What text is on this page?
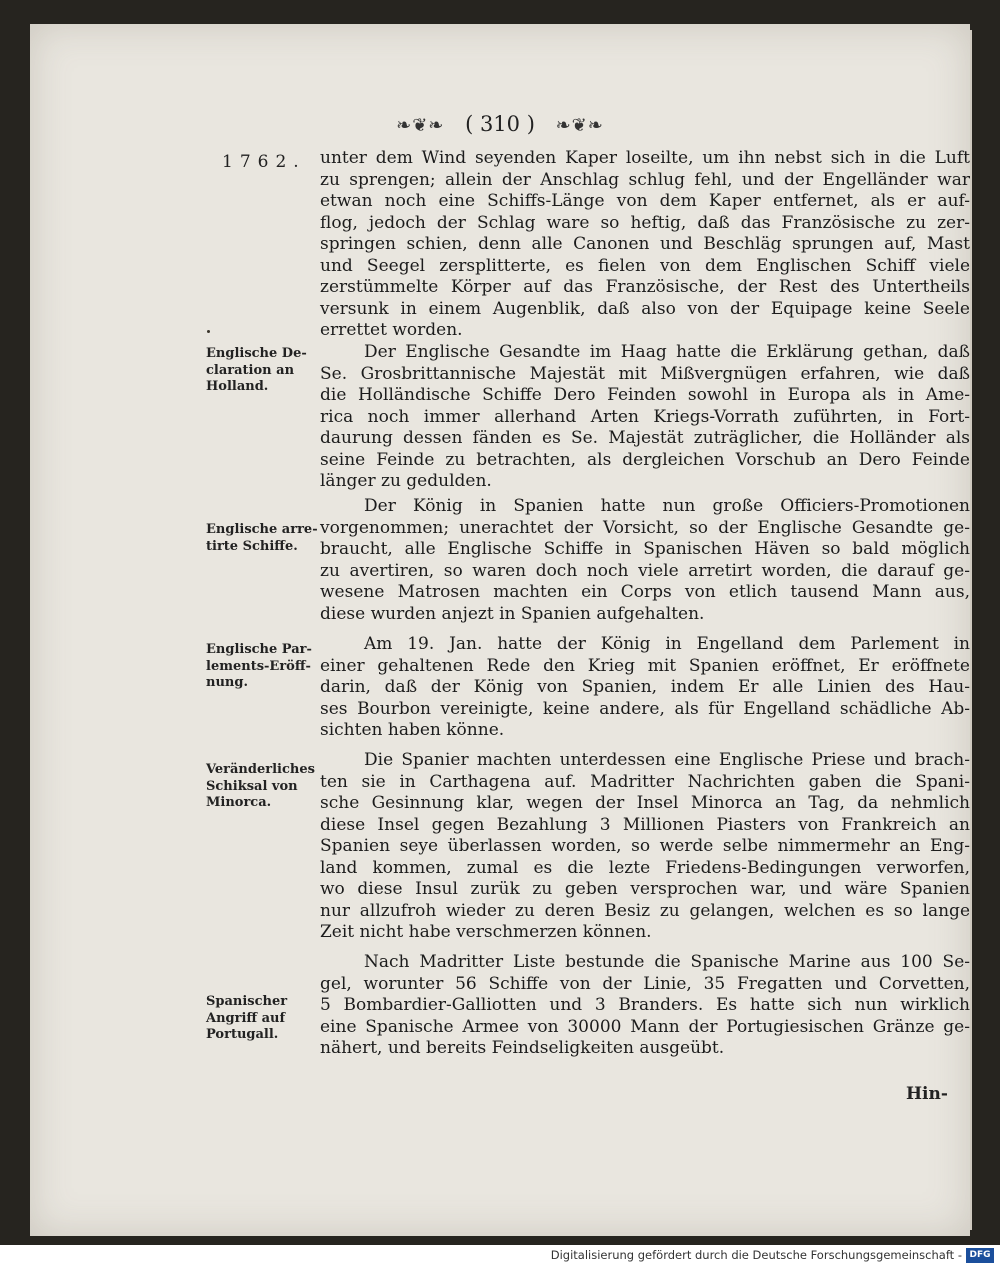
❧❦❧ ( 310 ) ❧❦❧
1762. unter dem Wind seyenden Kaper loseilte, um ihn nebst sich in die Luft
zu sprengen; allein der Anschlag schlug fehl, und der Engelländer war
etwan noch eine Schiffs-Länge von dem Kaper entfernet, als er auf-
flog, jedoch der Schlag ware so heftig, daß das Französische zu zer-
springen schien, denn alle Canonen und Beschläg sprungen auf, Mast
und Seegel zersplitterte, es fielen von dem Englischen Schiff viele
zerstümmelte Körper auf das Französische, der Rest des Untertheils
versunk in einem Augenblik, daß also von der Equipage keine Seele
errettet worden.
Der Englische Gesandte im Haag hatte die Erklärung gethan, daß
Se. Grosbrittannische Majestät mit Mißvergnügen erfahren, wie daß
die Holländische Schiffe Dero Feinden sowohl in Europa als in Ame-
rica noch immer allerhand Arten Kriegs-Vorrath zuführten, in Fort-
daurung dessen fänden es Se. Majestät zuträglicher, die Holländer als
seine Feinde zu betrachten, als dergleichen Vorschub an Dero Feinde
länger zu gedulden.
Der König in Spanien hatte nun große Officiers-Promotionen
vorgenommen; unerachtet der Vorsicht, so der Englische Gesandte ge-
braucht, alle Englische Schiffe in Spanischen Häven so bald möglich
zu avertiren, so waren doch noch viele arretirt worden, die darauf ge-
wesene Matrosen machten ein Corps von etlich tausend Mann aus,
diese wurden anjezt in Spanien aufgehalten.
Am 19. Jan. hatte der König in Engelland dem Parlement in
einer gehaltenen Rede den Krieg mit Spanien eröffnet, Er eröffnete
darin, daß der König von Spanien, indem Er alle Linien des Hau-
ses Bourbon vereinigte, keine andere, als für Engelland schädliche Ab-
sichten haben könne.
Die Spanier machten unterdessen eine Englische Priese und brach-
ten sie in Carthagena auf. Madritter Nachrichten gaben die Spani-
sche Gesinnung klar, wegen der Insel Minorca an Tag, da nehmlich
diese Insel gegen Bezahlung 3 Millionen Piasters von Frankreich an
Spanien seye überlassen worden, so werde selbe nimmermehr an Eng-
land kommen, zumal es die lezte Friedens-Bedingungen verworfen,
wo diese Insul zurük zu geben versprochen war, und wäre Spanien
nur allzufroh wieder zu deren Besiz zu gelangen, welchen es so lange
Zeit nicht habe verschmerzen können.
Nach Madritter Liste bestunde die Spanische Marine aus 100 Se-
gel, worunter 56 Schiffe von der Linie, 35 Fregatten und Corvetten,
5 Bombardier-Galliotten und 3 Branders. Es hatte sich nun wirklich
eine Spanische Armee von 30000 Mann der Portugiesischen Gränze ge-
nähert, und bereits Feindseligkeiten ausgeübt.
Englische De-
claration an
Holland.
Englische arre-
tirte Schiffe.
Englische Par-
lements-Eröff-
nung.
Veränderliches
Schiksal von
Minorca.
Spanischer
Angriff auf
Portugall.
Hin-
Digitalisierung gefördert durch die Deutsche Forschungsgemeinschaft - DFG
